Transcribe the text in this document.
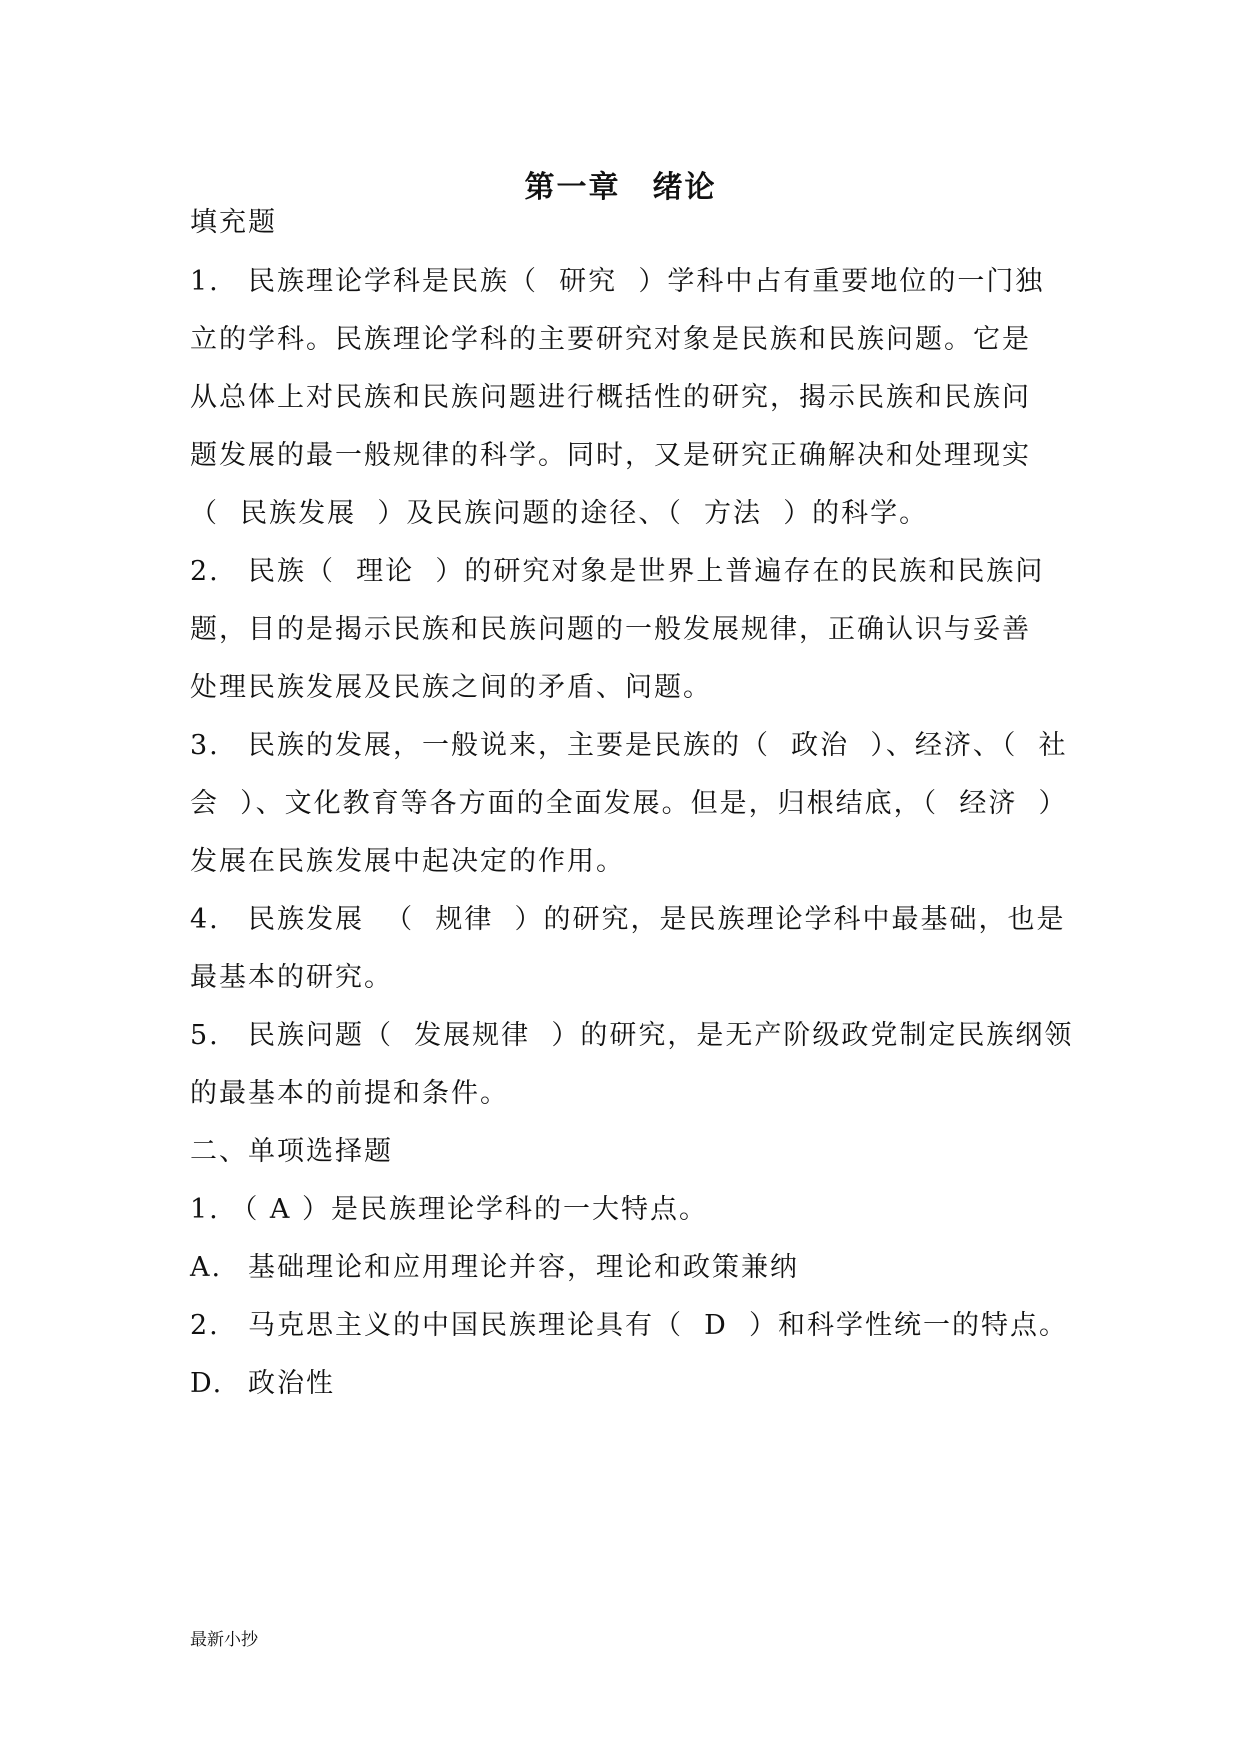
第一章　绪论
填充题
1. 民族理论学科是民族（  研究  ）学科中占有重要地位的一门独
立的学科。民族理论学科的主要研究对象是民族和民族问题。它是
从总体上对民族和民族问题进行概括性的研究，揭示民族和民族问
题发展的最一般规律的科学。同时，又是研究正确解决和处理现实
（  民族发展  ）及民族问题的途径、（  方法  ）的科学。
2. 民族（  理论  ）的研究对象是世界上普遍存在的民族和民族问
题，目的是揭示民族和民族问题的一般发展规律，正确认识与妥善
处理民族发展及民族之间的矛盾、问题。
3. 民族的发展，一般说来，主要是民族的（  政治  ）、经济、（  社
会  ）、文化教育等各方面的全面发展。但是，归根结底，（  经济  ）
发展在民族发展中起决定的作用。
4. 民族发展  （  规律  ）的研究，是民族理论学科中最基础，也是
最基本的研究。
5. 民族问题（  发展规律  ）的研究，是无产阶级政党制定民族纲领
的最基本的前提和条件。
二、单项选择题
1. （ A ）是民族理论学科的一大特点。
A. 基础理论和应用理论并容，理论和政策兼纳
2. 马克思主义的中国民族理论具有（  D  ）和科学性统一的特点。
D. 政治性
最新小抄
